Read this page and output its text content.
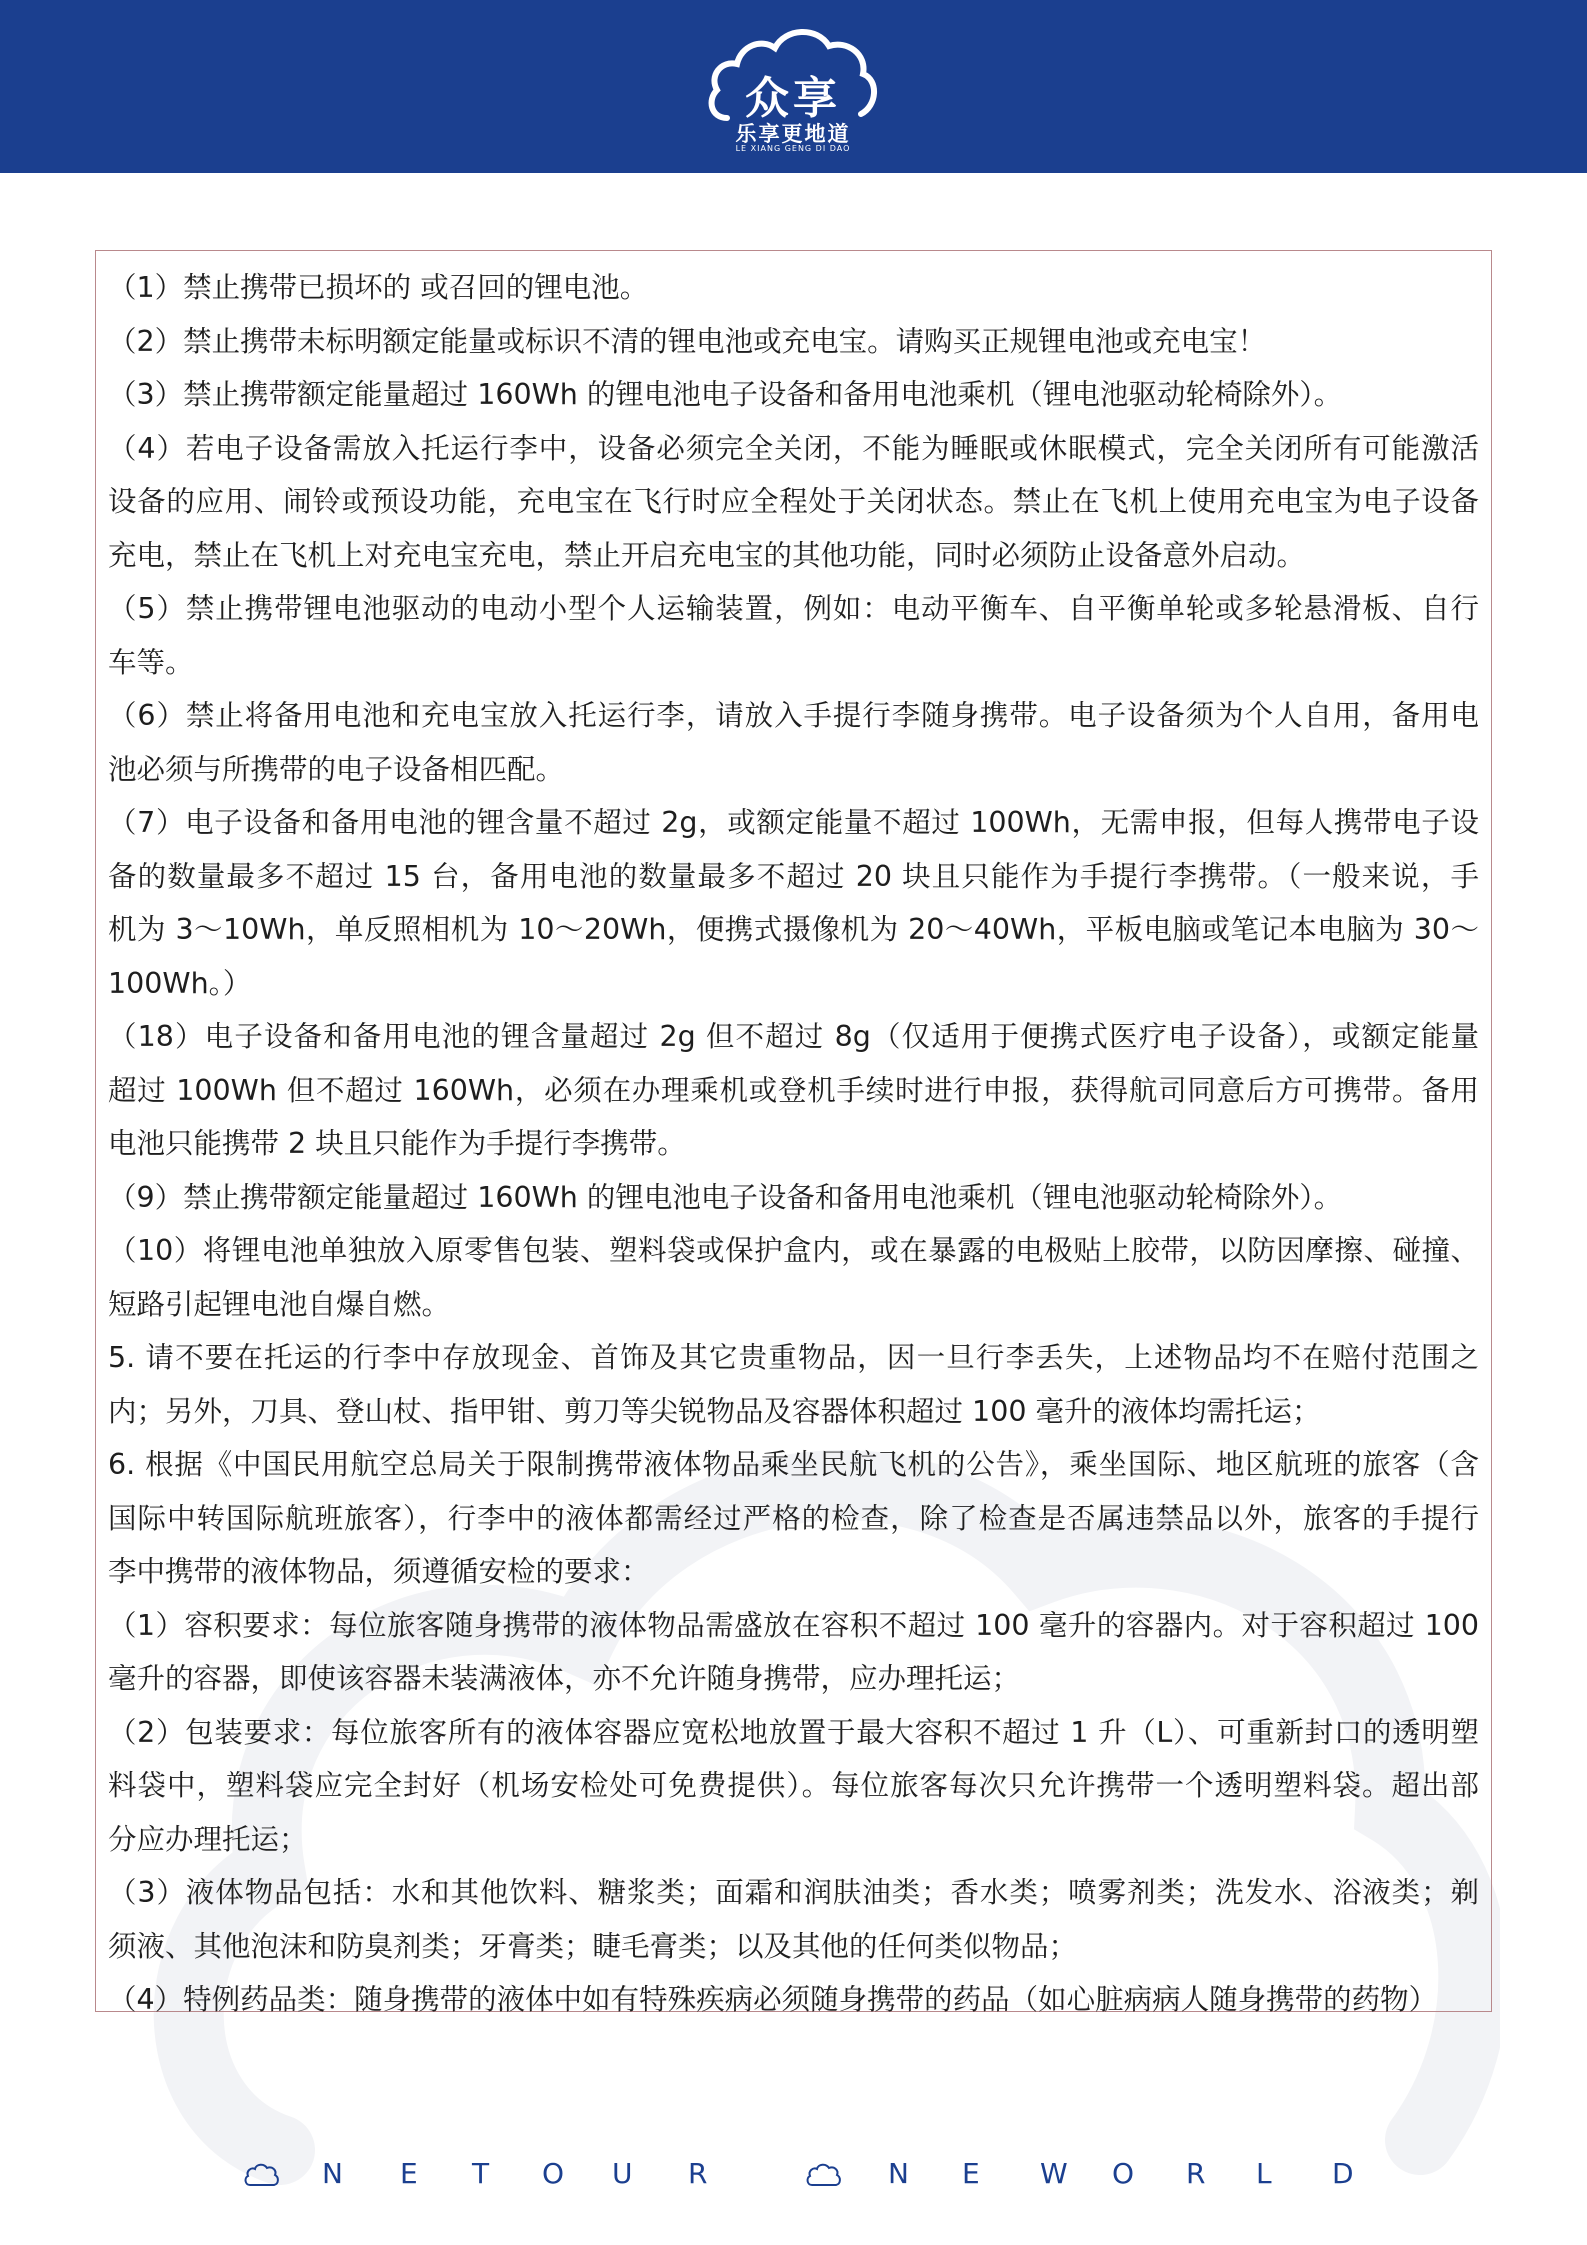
众享
乐享更地道
LE XIANG GENG DI DAO
（1）禁止携带已损坏的 或召回的锂电池。
（2）禁止携带未标明额定能量或标识不清的锂电池或充电宝。请购买正规锂电池或充电宝！
（3）禁止携带额定能量超过 160Wh 的锂电池电子设备和备用电池乘机（锂电池驱动轮椅除外）。
（4）若电子设备需放入托运行李中，设备必须完全关闭，不能为睡眠或休眠模式，完全关闭所有可能激活
设备的应用、闹铃或预设功能，充电宝在飞行时应全程处于关闭状态。禁止在飞机上使用充电宝为电子设备
充电，禁止在飞机上对充电宝充电，禁止开启充电宝的其他功能，同时必须防止设备意外启动。
（5）禁止携带锂电池驱动的电动小型个人运输装置，例如：电动平衡车、自平衡单轮或多轮悬滑板、自行
车等。
（6）禁止将备用电池和充电宝放入托运行李，请放入手提行李随身携带。电子设备须为个人自用，备用电
池必须与所携带的电子设备相匹配。
（7）电子设备和备用电池的锂含量不超过 2g，或额定能量不超过 100Wh，无需申报，但每人携带电子设
备的数量最多不超过 15 台，备用电池的数量最多不超过 20 块且只能作为手提行李携带。（一般来说，手
机为 3～10Wh，单反照相机为 10～20Wh，便携式摄像机为 20～40Wh，平板电脑或笔记本电脑为 30～
100Wh。）
（18）电子设备和备用电池的锂含量超过 2g 但不超过 8g（仅适用于便携式医疗电子设备），或额定能量
超过 100Wh 但不超过 160Wh，必须在办理乘机或登机手续时进行申报，获得航司同意后方可携带。备用
电池只能携带 2 块且只能作为手提行李携带。
（9）禁止携带额定能量超过 160Wh 的锂电池电子设备和备用电池乘机（锂电池驱动轮椅除外）。
（10）将锂电池单独放入原零售包装、塑料袋或保护盒内，或在暴露的电极贴上胶带，以防因摩擦、碰撞、
短路引起锂电池自爆自燃。
5. 请不要在托运的行李中存放现金、首饰及其它贵重物品，因一旦行李丢失，上述物品均不在赔付范围之
内；另外，刀具、登山杖、指甲钳、剪刀等尖锐物品及容器体积超过 100 毫升的液体均需托运；
6. 根据《中国民用航空总局关于限制携带液体物品乘坐民航飞机的公告》，乘坐国际、地区航班的旅客（含
国际中转国际航班旅客），行李中的液体都需经过严格的检查，除了检查是否属违禁品以外，旅客的手提行
李中携带的液体物品，须遵循安检的要求：
（1）容积要求：每位旅客随身携带的液体物品需盛放在容积不超过 100 毫升的容器内。对于容积超过 100
毫升的容器，即使该容器未装满液体，亦不允许随身携带，应办理托运；
（2）包装要求：每位旅客所有的液体容器应宽松地放置于最大容积不超过 1 升（L）、可重新封口的透明塑
料袋中，塑料袋应完全封好（机场安检处可免费提供）。每位旅客每次只允许携带一个透明塑料袋。超出部
分应办理托运；
（3）液体物品包括：水和其他饮料、糖浆类；面霜和润肤油类；香水类；喷雾剂类；洗发水、浴液类；剃
须液、其他泡沫和防臭剂类；牙膏类；睫毛膏类；以及其他的任何类似物品；
（4）特例药品类：随身携带的液体中如有特殊疾病必须随身携带的药品（如心脏病病人随身携带的药物）
N E T O U R	N E W O R L D
